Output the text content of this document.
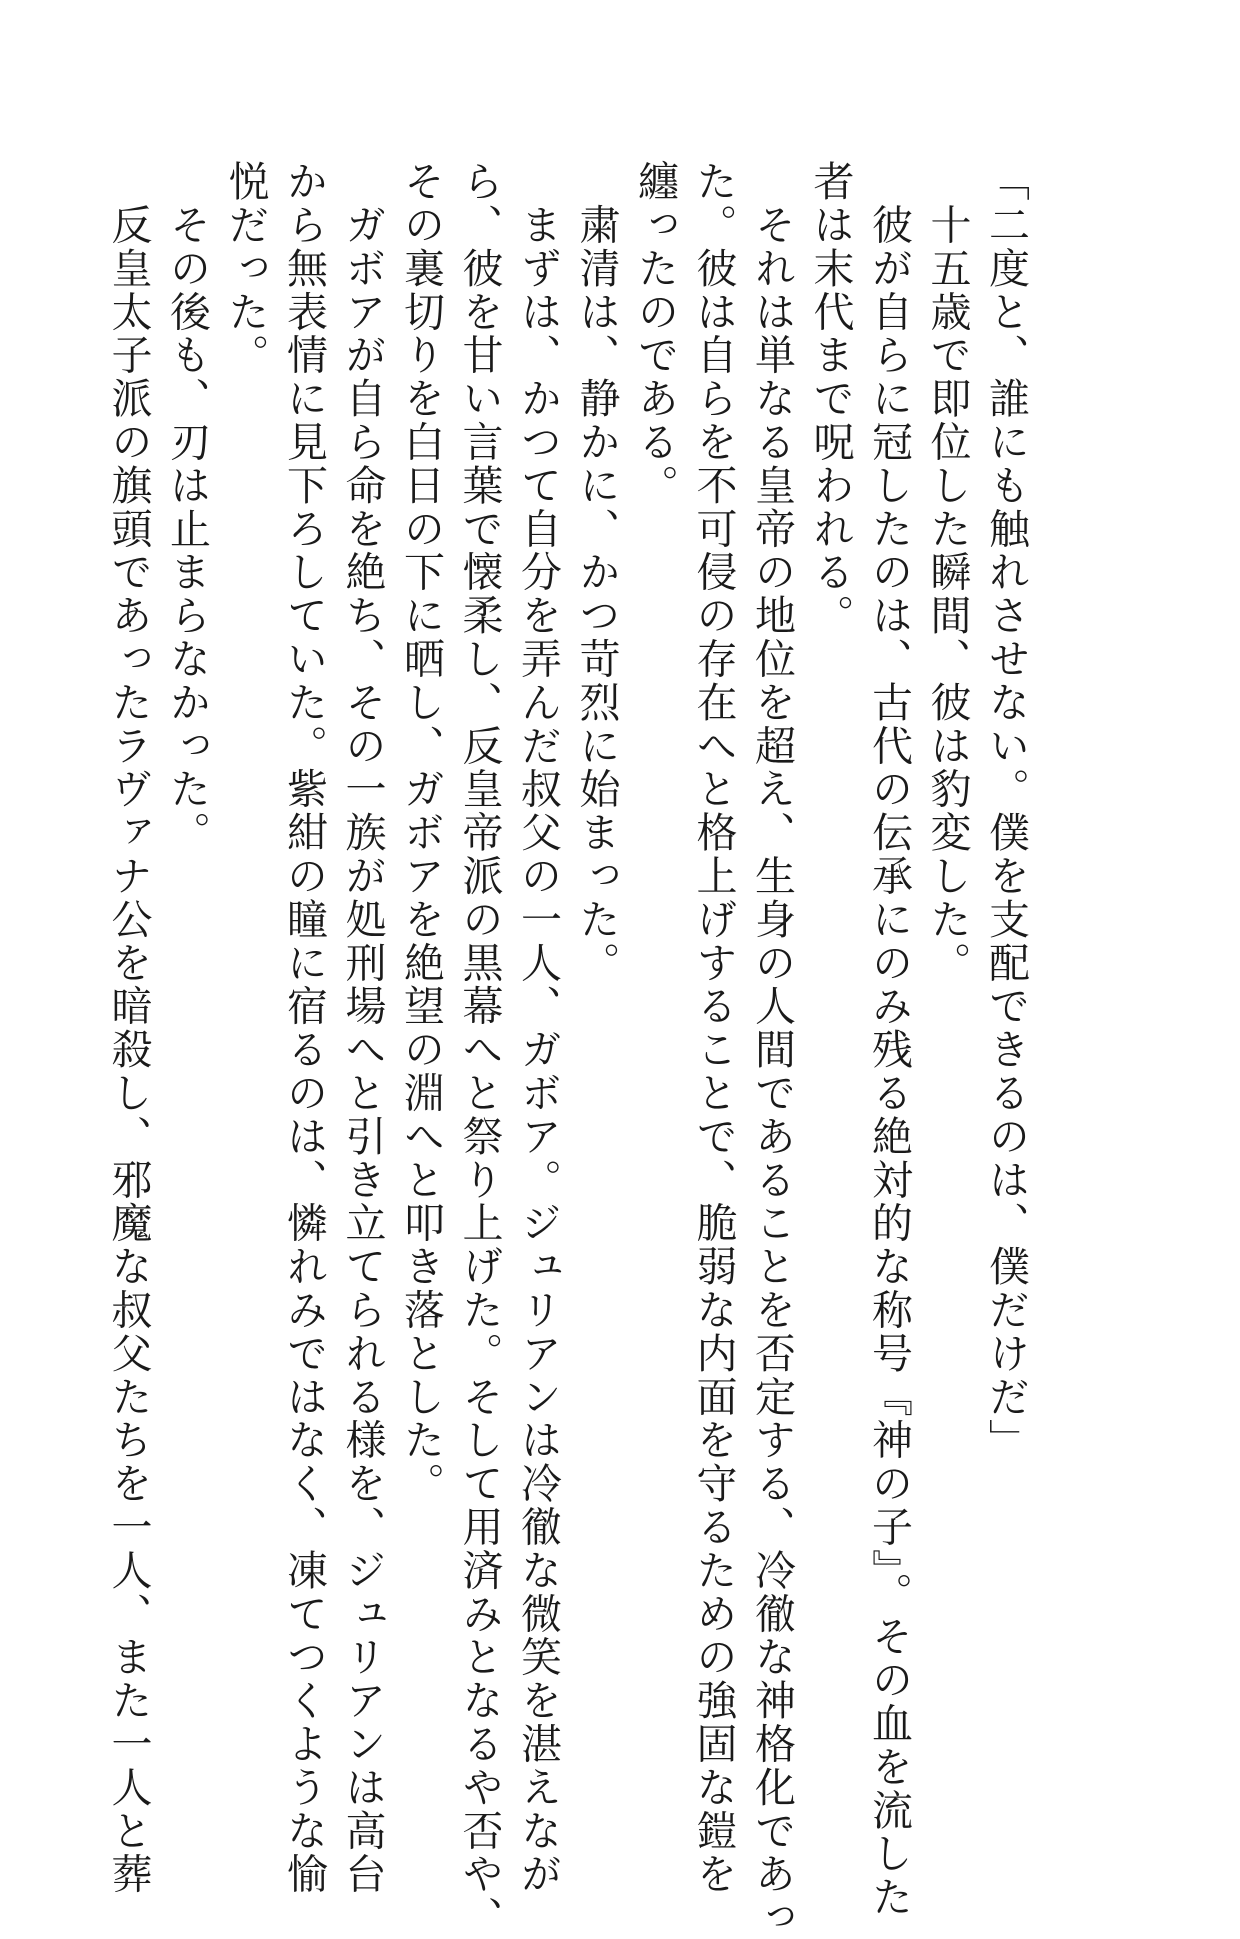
「二度と、誰にも触れさせない。僕を支配できるのは、僕だけだ」
　十五歳で即位した瞬間、彼は豹変した。
　彼が自らに冠したのは、古代の伝承にのみ残る絶対的な称号『神の子』。その血を流した
者は末代まで呪われる。
　それは単なる皇帝の地位を超え、生身の人間であることを否定する、冷徹な神格化であっ
た。彼は自らを不可侵の存在へと格上げすることで、脆弱な内面を守るための強固な鎧を
纏ったのである。
　粛清は、静かに、かつ苛烈に始まった。
　まずは、かつて自分を弄んだ叔父の一人、ガボア。ジュリアンは冷徹な微笑を湛えなが
ら、彼を甘い言葉で懐柔し、反皇帝派の黒幕へと祭り上げた。そして用済みとなるや否や、
その裏切りを白日の下に晒し、ガボアを絶望の淵へと叩き落とした。
　ガボアが自ら命を絶ち、その一族が処刑場へと引き立てられる様を、ジュリアンは高台
から無表情に見下ろしていた。紫紺の瞳に宿るのは、憐れみではなく、凍てつくような愉
悦だった。
　その後も、刃は止まらなかった。
　反皇太子派の旗頭であったラヴァナ公を暗殺し、邪魔な叔父たちを一人、また一人と葬
